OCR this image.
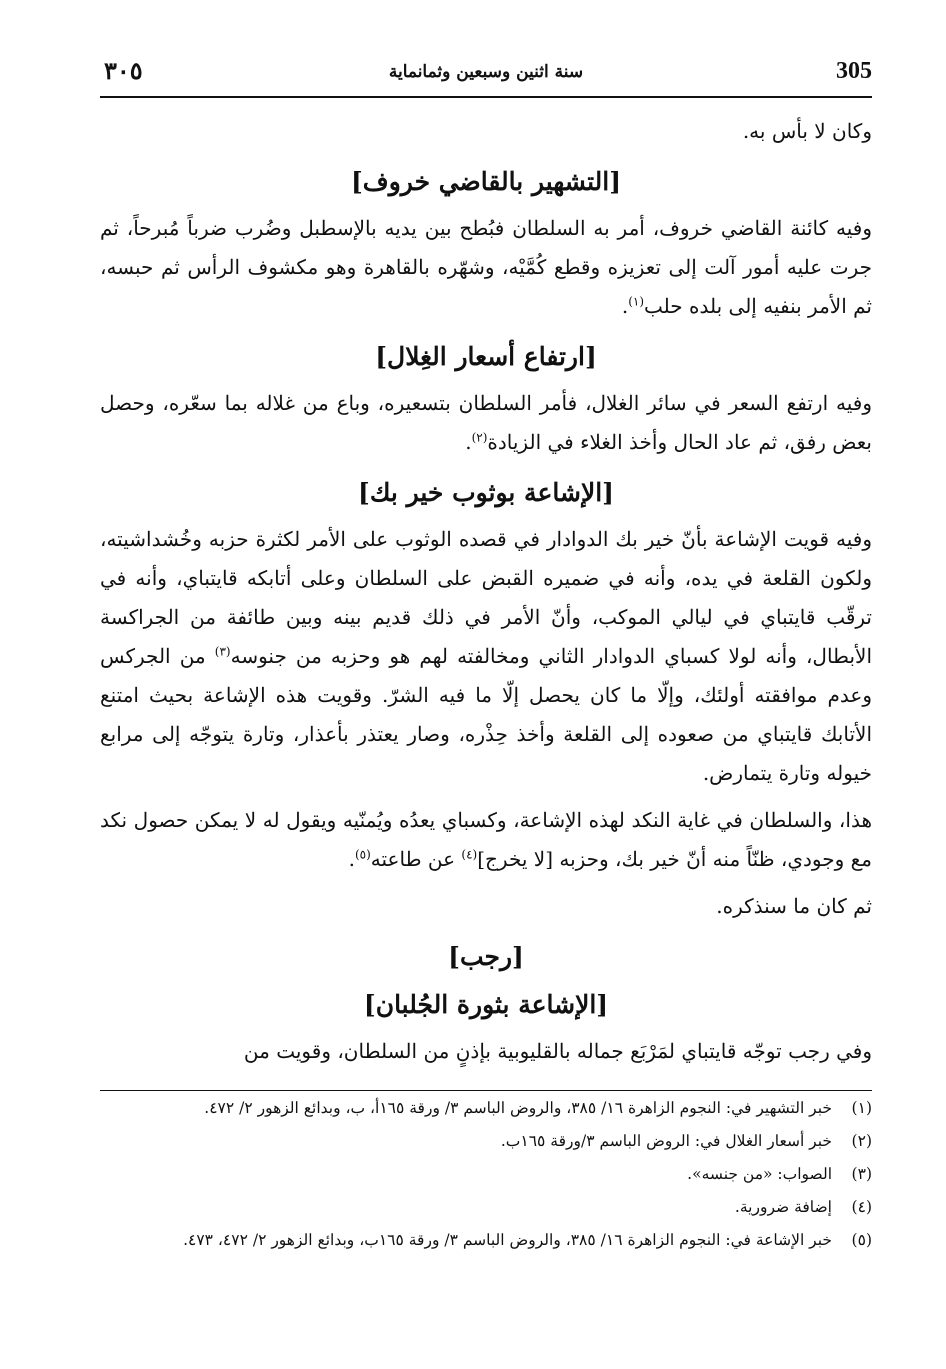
305
سنة اثنين وسبعين وثمانماية
٣٠٥

وكان لا بأس به.

[التشهير بالقاضي خروف]

وفيه كائنة القاضي خروف، أمر به السلطان فبُطح بين يديه بالإسطبل وضُرب ضرباً مُبرحاً، ثم جرت عليه أمور آلت إلى تعزيزه وقطع كُمَّيْه، وشهّره بالقاهرة وهو مكشوف الرأس ثم حبسه، ثم الأمر بنفيه إلى بلده حلب$^{(١)}$.

[ارتفاع أسعار الغِلال]

وفيه ارتفع السعر في سائر الغلال، فأمر السلطان بتسعيره، وباع من غلاله بما سعّره، وحصل بعض رفق، ثم عاد الحال وأخذ الغلاء في الزيادة$^{(٢)}$.

[الإشاعة بوثوب خير بك]

وفيه قويت الإشاعة بأنّ خير بك الدوادار في قصده الوثوب على الأمر لكثرة حزبه وخُشداشيته، ولكون القلعة في يده، وأنه في ضميره القبض على السلطان وعلى أتابكه قايتباي، وأنه في ترقّب قايتباي في ليالي الموكب، وأنّ الأمر في ذلك قديم بينه وبين طائفة من الجراكسة الأبطال، وأنه لولا كسباي الدوادار الثاني ومخالفته لهم هو وحزبه من جنوسه$^{(٣)}$ من الجركس وعدم موافقته أولئك، وإلّا ما كان يحصل إلّا ما فيه الشرّ. وقويت هذه الإشاعة بحيث امتنع الأتابك قايتباي من صعوده إلى القلعة وأخذ حِذْره، وصار يعتذر بأعذار، وتارة يتوجّه إلى مرابع خيوله وتارة يتمارض.

هذا، والسلطان في غاية النكد لهذه الإشاعة، وكسباي يعدُه ويُمنّيه ويقول له لا يمكن حصول نكد مع وجودي، ظنّاً منه أنّ خير بك، وحزبه [لا يخرج]$^{(٤)}$ عن طاعته$^{(٥)}$.

ثم كان ما سنذكره.

[رجب]
[الإشاعة بثورة الجُلبان]

وفي رجب توجّه قايتباي لمَرْبَع جماله بالقليوبية بإذنٍ من السلطان، وقويت من

(١)
خبر التشهير في: النجوم الزاهرة ١٦/ ٣٨٥، والروض الباسم ٣/ ورقة ١٦٥أ، ب، وبدائع الزهور ٢/ ٤٧٢.
(٢)
خبر أسعار الغلال في: الروض الباسم ٣/ورقة ١٦٥ب.
(٣)
الصواب: «من جنسه».
(٤)
إضافة ضرورية.
(٥)
خبر الإشاعة في: النجوم الزاهرة ١٦/ ٣٨٥، والروض الباسم ٣/ ورقة ١٦٥ب، وبدائع الزهور ٢/ ٤٧٢، ٤٧٣.
